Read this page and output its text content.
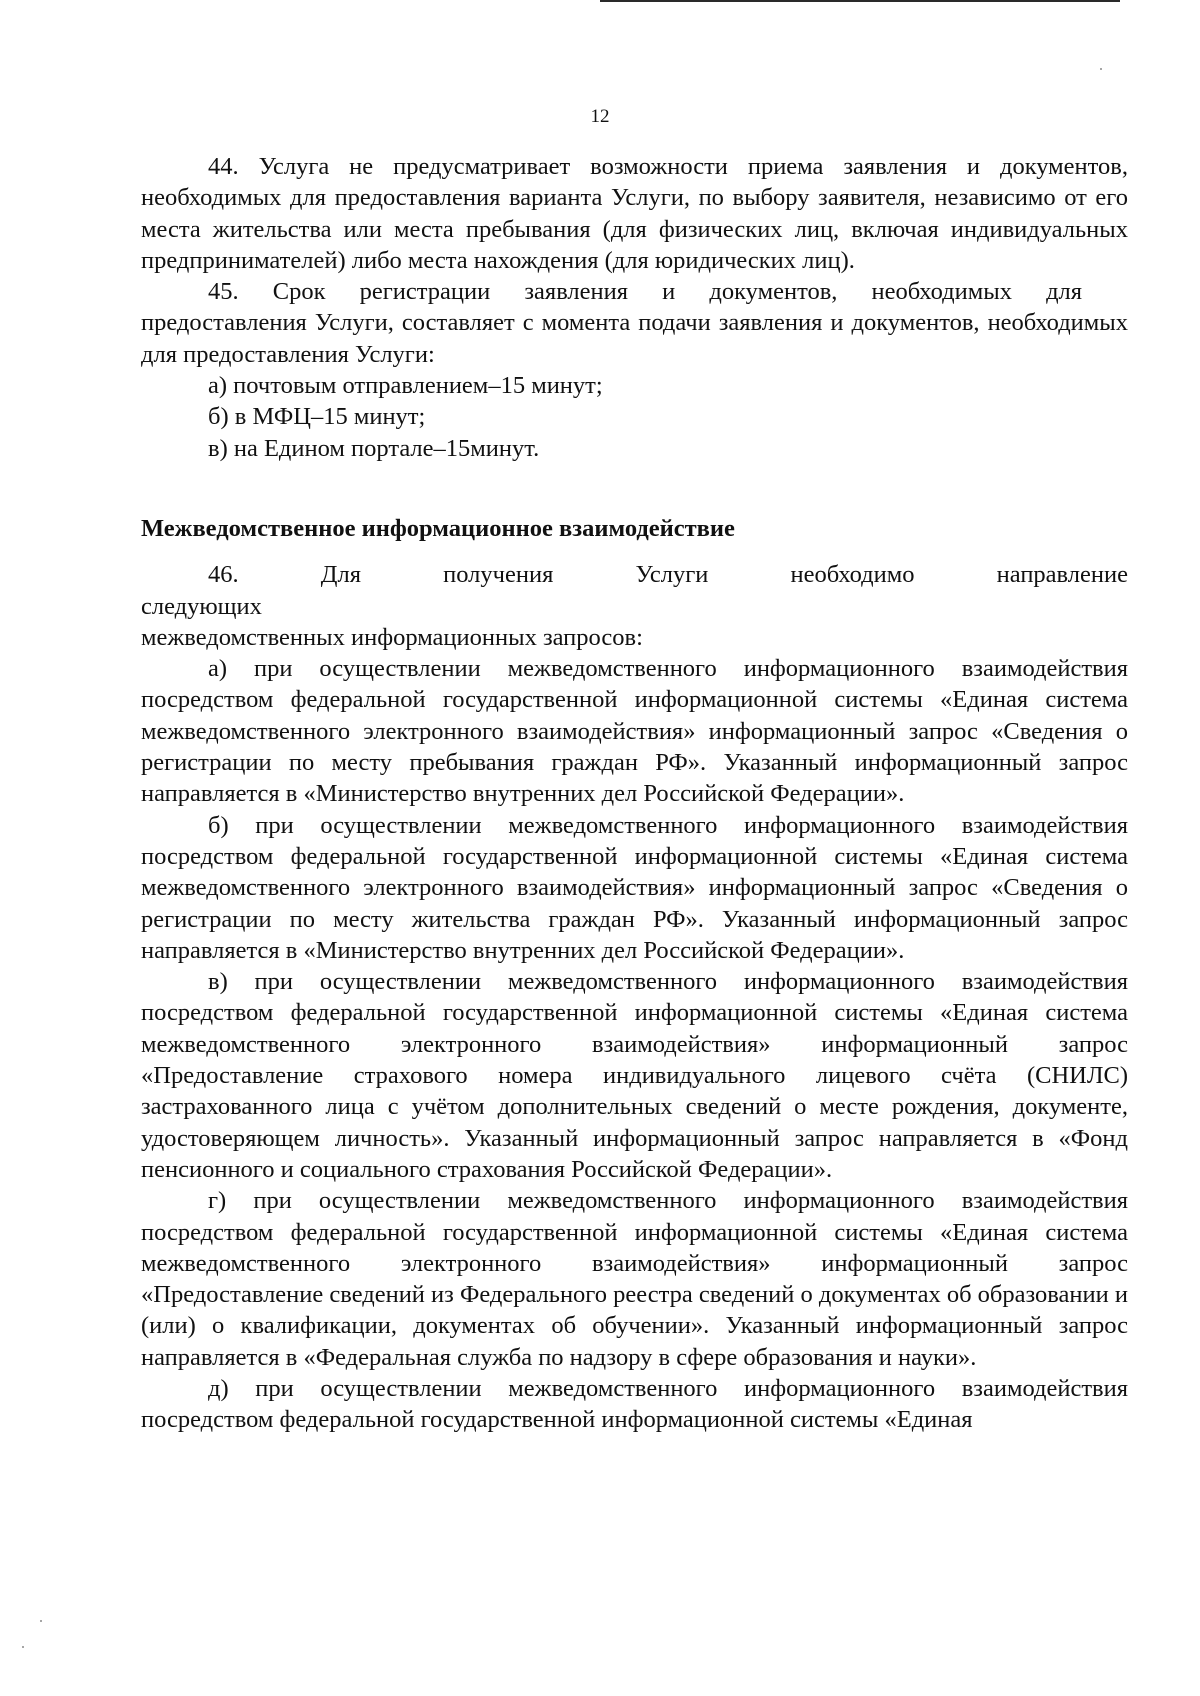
12

44. Услуга не предусматривает возможности приема заявления и документов, необходимых для предоставления варианта Услуги, по выбору заявителя, независимо от его места жительства или места пребывания (для физических лиц, включая индивидуальных предпринимателей) либо места нахождения (для юридических лиц).

45. Срок регистрации заявления и документов, необходимых для

предоставления Услуги, составляет с момента подачи заявления и документов, необходимых для предоставления Услуги:

а) почтовым отправлением–15 минут;

б) в МФЦ–15 минут;

в) на Едином портале–15минут.

Межведомственное информационное взаимодействие

46. Для получения Услуги необходимо направление следующих

межведомственных информационных запросов:

а) при осуществлении межведомственного информационного взаимодействия посредством федеральной государственной информационной системы «Единая система межведомственного электронного взаимодействия» информационный запрос «Сведения о регистрации по месту пребывания граждан РФ». Указанный информационный запрос направляется в «Министерство внутренних дел Российской Федерации».

б) при осуществлении межведомственного информационного взаимодействия посредством федеральной государственной информационной системы «Единая система межведомственного электронного взаимодействия» информационный запрос «Сведения о регистрации по месту жительства граждан РФ». Указанный информационный запрос направляется в «Министерство внутренних дел Российской Федерации».

в) при осуществлении межведомственного информационного взаимодействия посредством федеральной государственной информационной системы «Единая система межведомственного электронного взаимодействия» информационный запрос «Предоставление страхового номера индивидуального лицевого счёта (СНИЛС) застрахованного лица с учётом дополнительных сведений о месте рождения, документе, удостоверяющем личность». Указанный информационный запрос направляется в «Фонд пенсионного и социального страхования Российской Федерации».

г) при осуществлении межведомственного информационного взаимодействия посредством федеральной государственной информационной системы «Единая система межведомственного электронного взаимодействия» информационный запрос «Предоставление сведений из Федерального реестра сведений о документах об образовании и (или) о квалификации, документах об обучении». Указанный информационный запрос направляется в «Федеральная служба по надзору в сфере образования и науки».

д) при осуществлении межведомственного информационного взаимодействия посредством федеральной государственной информационной системы «Единая
